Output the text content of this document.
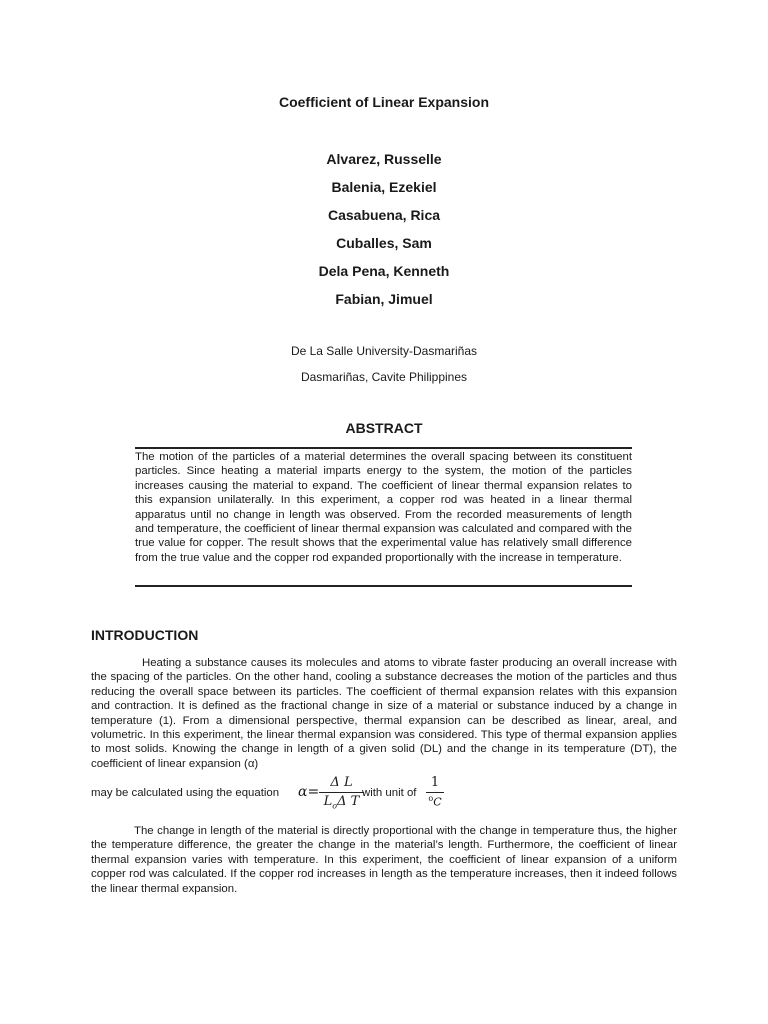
Coefficient of Linear Expansion
Alvarez, Russelle
Balenia, Ezekiel
Casabuena, Rica
Cuballes, Sam
Dela Pena, Kenneth
Fabian, Jimuel
De La Salle University-Dasmariñas
Dasmariñas, Cavite Philippines
ABSTRACT
The motion of the particles of a material determines the overall spacing between its constituent particles. Since heating a material imparts energy to the system, the motion of the particles increases causing the material to expand. The coefficient of linear thermal expansion relates to this expansion unilaterally. In this experiment, a copper rod was heated in a linear thermal apparatus until no change in length was observed. From the recorded measurements of length and temperature, the coefficient of linear thermal expansion was calculated and compared with the true value for copper. The result shows that the experimental value has relatively small difference from the true value and the copper rod expanded proportionally with the increase in temperature.
INTRODUCTION
Heating a substance causes its molecules and atoms to vibrate faster producing an overall increase with the spacing of the particles. On the other hand, cooling a substance decreases the motion of the particles and thus reducing the overall space between its particles. The coefficient of thermal expansion relates with this expansion and contraction. It is defined as the fractional change in size of a material or substance induced by a change in temperature (1). From a dimensional perspective, thermal expansion can be described as linear, areal, and volumetric. In this experiment, the linear thermal expansion was considered. This type of thermal expansion applies to most solids. Knowing the change in length of a given solid (DL) and the change in its temperature (DT), the coefficient of linear expansion (α)
may be calculated using the equation α=
Δ L
$L_o\Delta$ T
with unit of
1
$^o$C
The change in length of the material is directly proportional with the change in temperature thus, the higher the temperature difference, the greater the change in the material’s length. Furthermore, the coefficient of linear thermal expansion varies with temperature. In this experiment, the coefficient of linear expansion of a uniform copper rod was calculated. If the copper rod increases in length as the temperature increases, then it indeed follows the linear thermal expansion.
